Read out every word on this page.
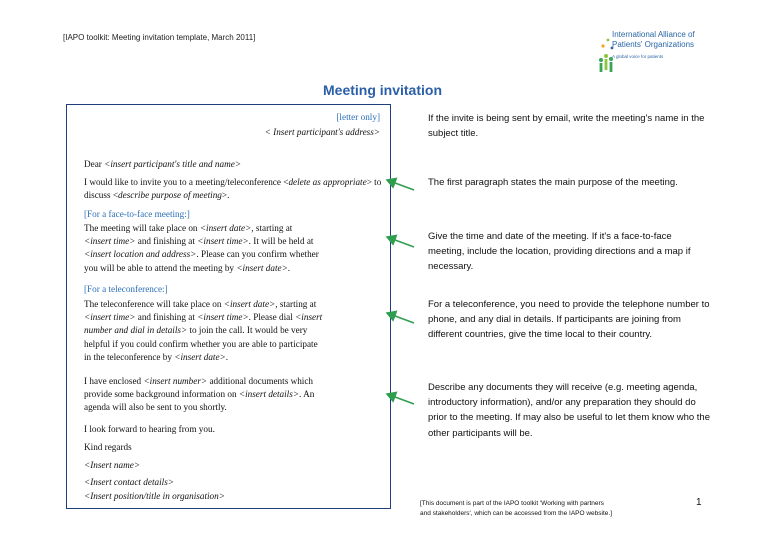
[IAPO toolkit: Meeting invitation template, March 2011]	International Alliance of
Patients' Organizations
A global voice for patients
Meeting invitation

[letter only]

< Insert participant's address>

Dear <insert participant's title and name>

I would like to invite you to a meeting/teleconference <delete as appropriate> to discuss <describe purpose of meeting>.

[For a face-to-face meeting:]

The meeting will take place on <insert date>, starting at
<insert time> and finishing at <insert time>. It will be held at
<insert location and address>. Please can you confirm whether
you will be able to attend the meeting by <insert date>.

[For a teleconference:]

The teleconference will take place on <insert date>, starting at
<insert time> and finishing at <insert time>. Please dial <insert
number and dial in details> to join the call. It would be very
helpful if you could confirm whether you are able to participate
in the teleconference by <insert date>.

I have enclosed <insert number> additional documents which
provide some background information on <insert details>. An
agenda will also be sent to you shortly.

I look forward to hearing from you.

Kind regards

<Insert name>

<Insert contact details>

<Insert position/title in organisation>

If the invite is being sent by email, write the meeting's name in the subject title.
The first paragraph states the main purpose of the meeting.
Give the time and date of the meeting. If it's a face-to-face meeting, include the location, providing directions and a map if necessary.
For a teleconference, you need to provide the telephone number to phone, and any dial in details. If participants are joining from different countries, give the time local to their country.
Describe any documents they will receive (e.g. meeting agenda, introductory information), and/or any preparation they should do prior to the meeting. If may also be useful to let them know who the other participants will be.
[This document is part of the IAPO toolkit 'Working with partners
and stakeholders', which can be accessed from the IAPO website.]
1
